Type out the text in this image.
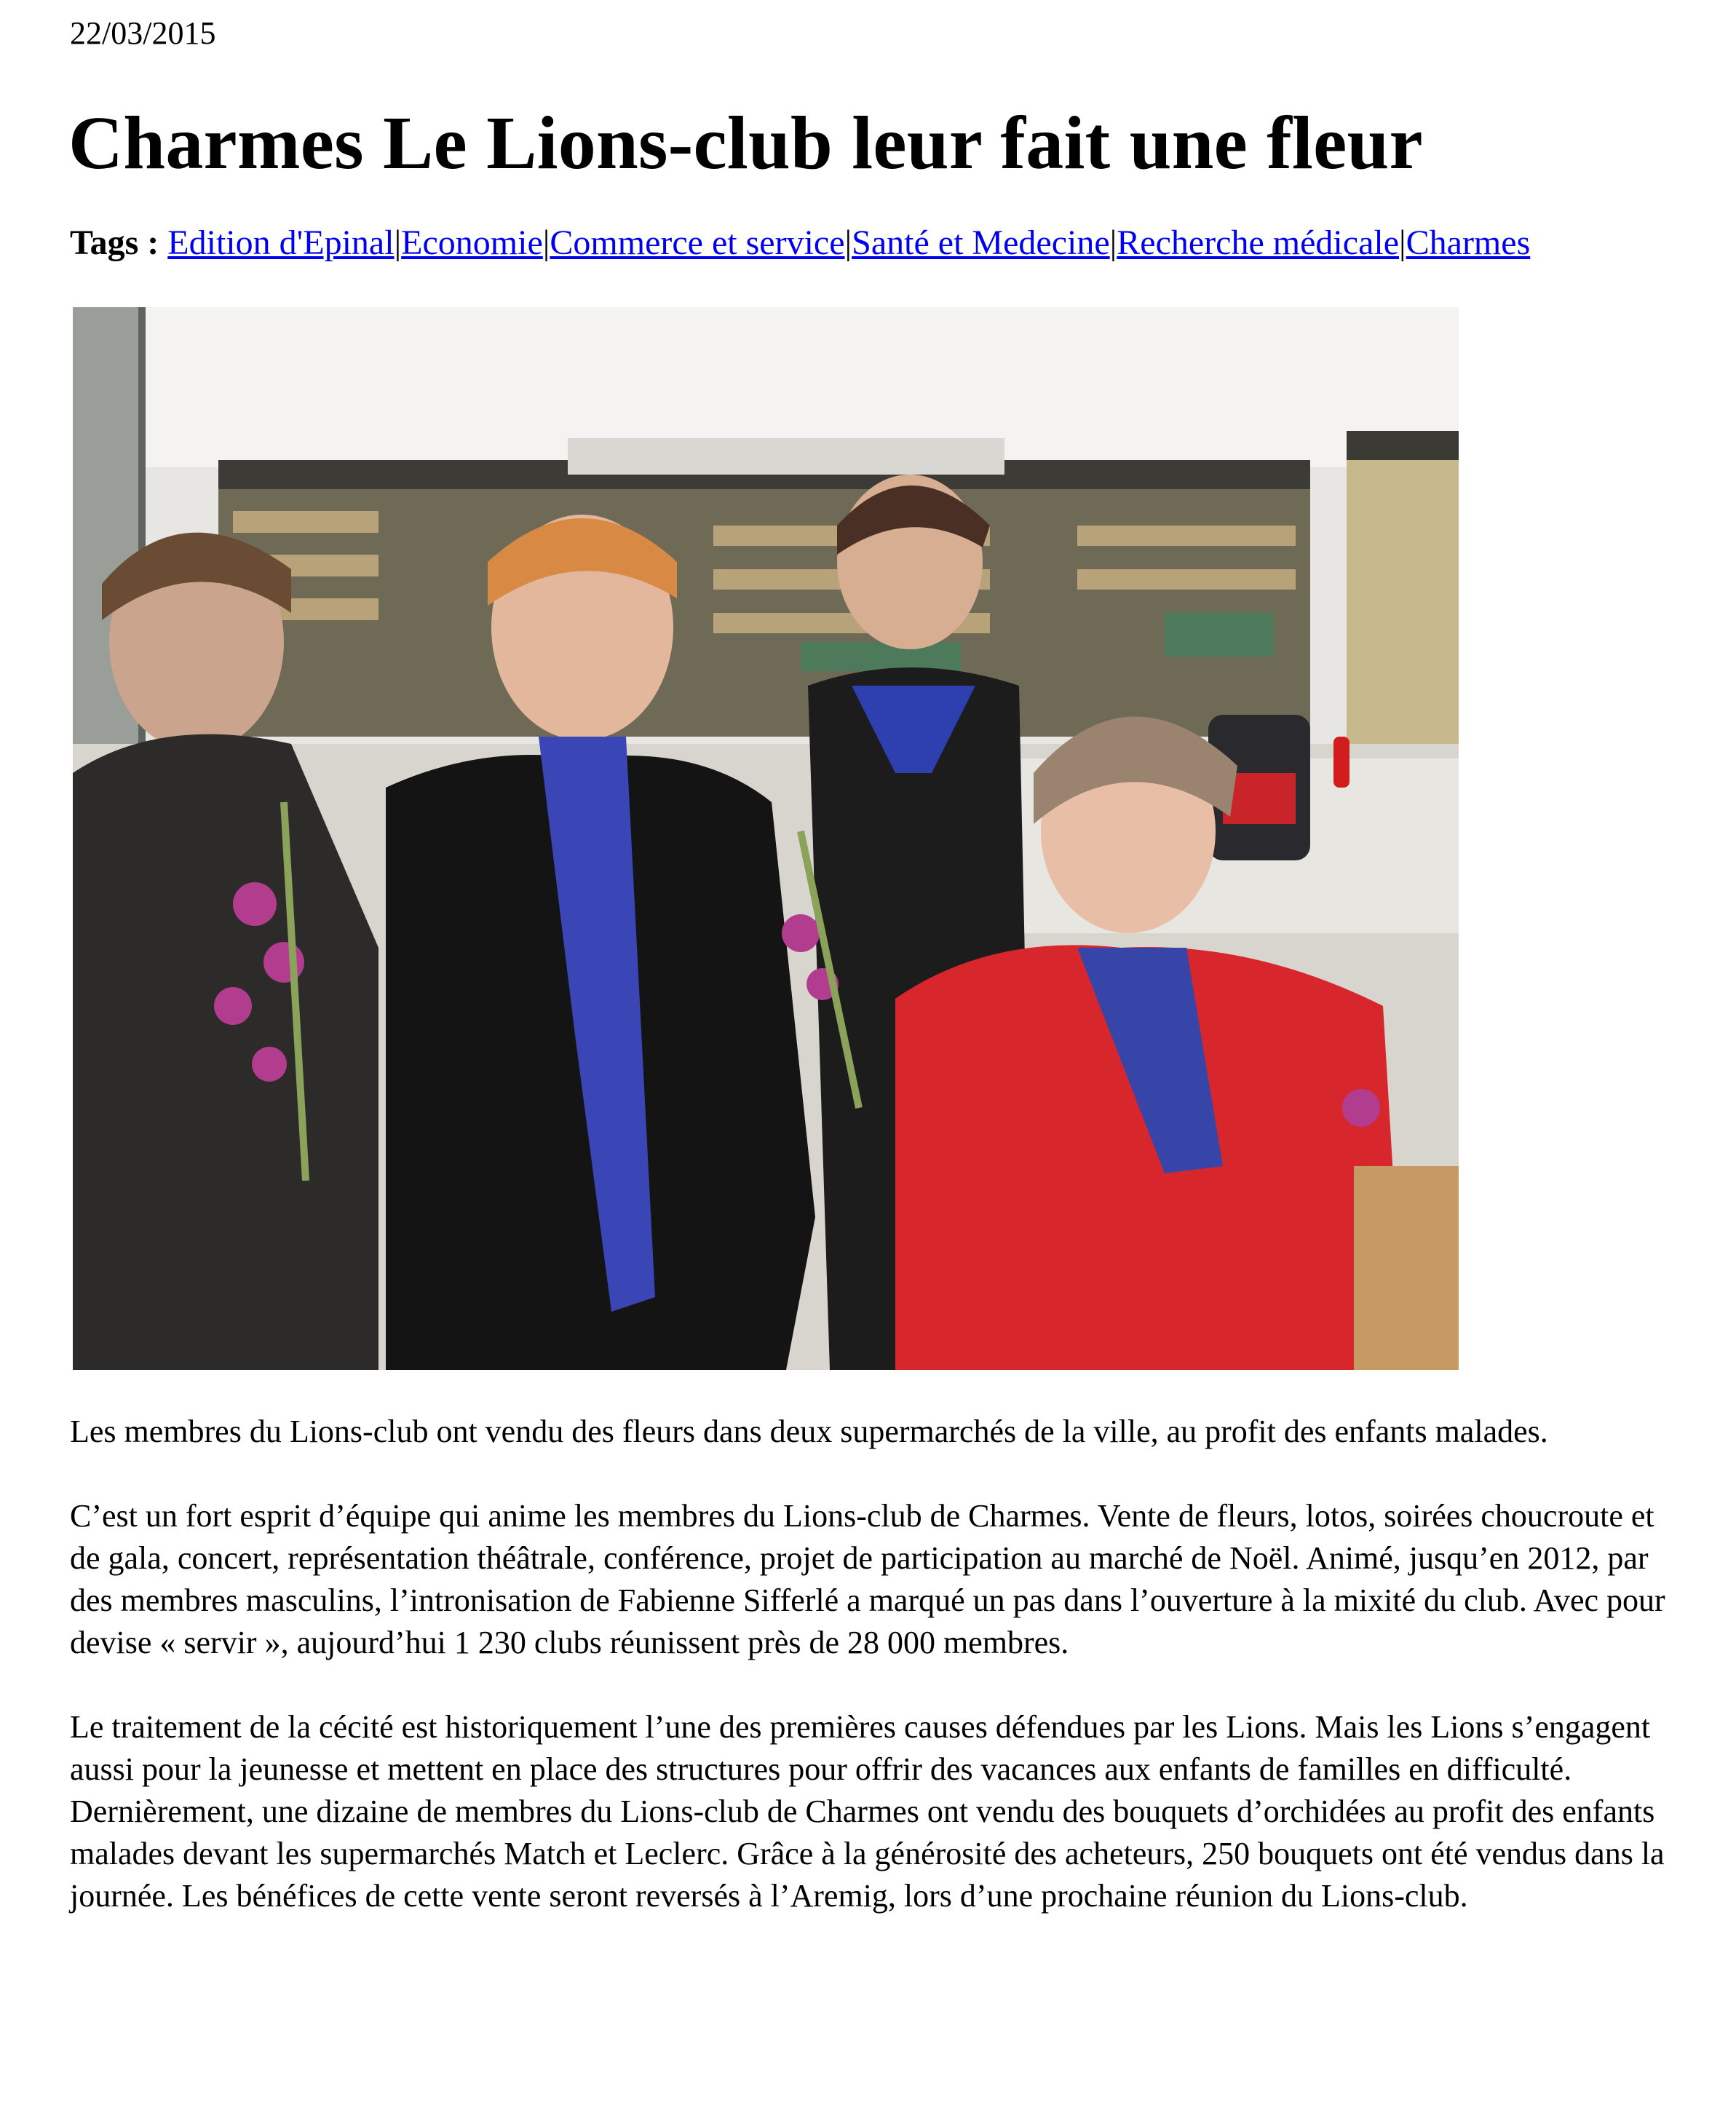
22/03/2015
Charmes Le Lions-club leur fait une fleur
Tags : Edition d'Epinal|Economie|Commerce et service|Santé et Medecine|Recherche médicale|Charmes

Les membres du Lions-club ont vendu des fleurs dans deux supermarchés de la ville, au profit des enfants malades.

C’est un fort esprit d’équipe qui anime les membres du Lions-club de Charmes. Vente de fleurs, lotos, soirées choucroute et de gala, concert, représentation théâtrale, conférence, projet de participation au marché de Noël. Animé, jusqu’en 2012, par des membres masculins, l’intronisation de Fabienne Sifferlé a marqué un pas dans l’ouverture à la mixité du club. Avec pour devise « servir », aujourd’hui 1 230 clubs réunissent près de 28 000 membres.

Le traitement de la cécité est historiquement l’une des premières causes défendues par les Lions. Mais les Lions s’engagent aussi pour la jeunesse et mettent en place des structures pour offrir des vacances aux enfants de familles en difficulté. Dernièrement, une dizaine de membres du Lions-club de Charmes ont vendu des bouquets d’orchidées au profit des enfants malades devant les supermarchés Match et Leclerc. Grâce à la générosité des acheteurs, 250 bouquets ont été vendus dans la journée. Les bénéfices de cette vente seront reversés à l’Aremig, lors d’une prochaine réunion du Lions-club.
